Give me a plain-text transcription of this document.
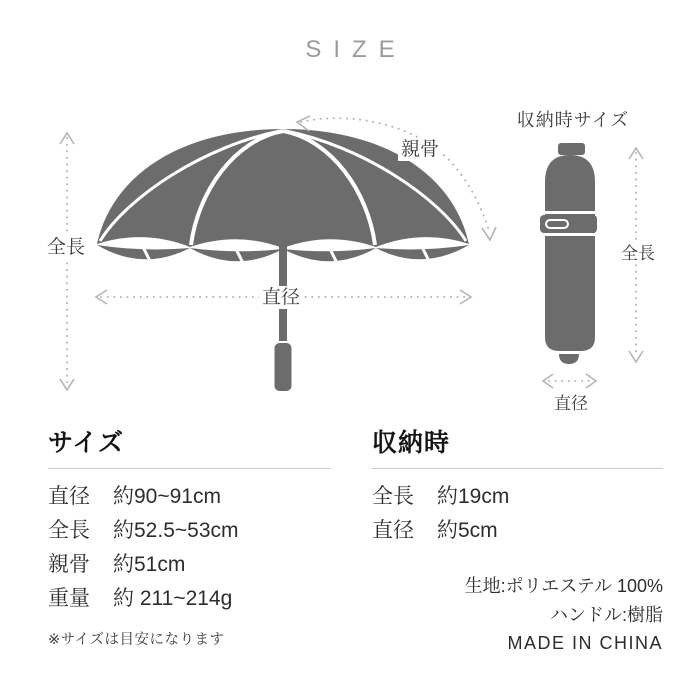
SIZE
全長
直径
親骨
収納時サイズ
全長
直径
サイズ
直径	約90~91cm
全長	約52.5~53cm
親骨	約51cm
重量	約 211~214g

※サイズは目安になります

収納時
全長	約19cm
直径	約5cm

生地:ポリエステル 100%

ハンドル:樹脂

MADE IN CHINA
